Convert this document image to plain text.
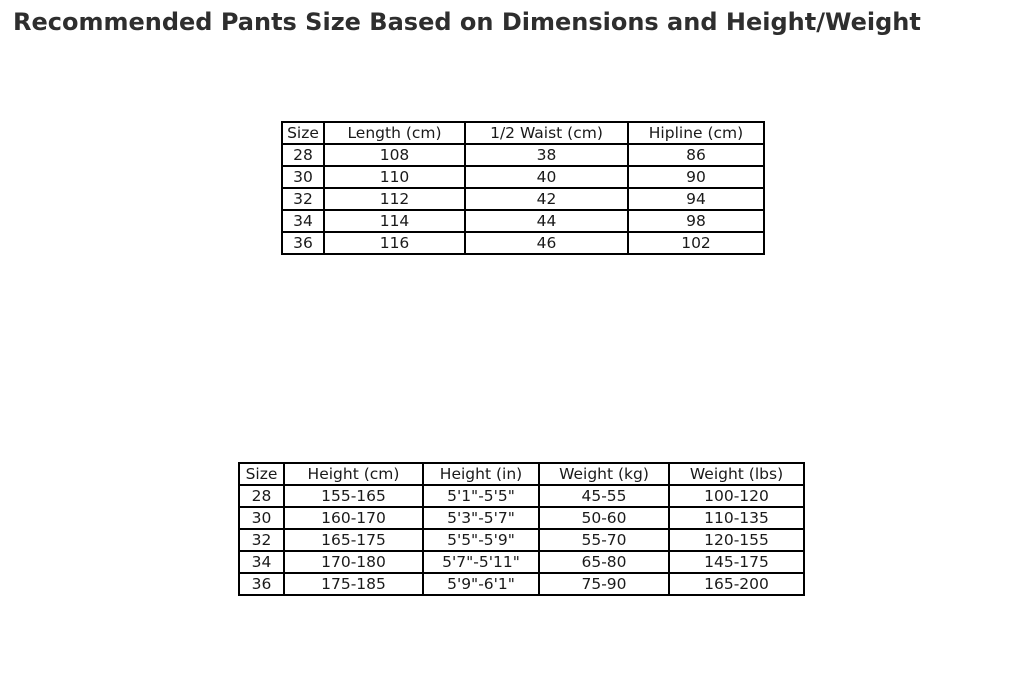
Recommended Pants Size Based on Dimensions and Height/Weight
Size	Length (cm)	1/2 Waist (cm)	Hipline (cm)
28	108	38	86
30	110	40	90
32	112	42	94
34	114	44	98
36	116	46	102
Size	Height (cm)	Height (in)	Weight (kg)	Weight (lbs)
28	155-165	5'1"-5'5"	45-55	100-120
30	160-170	5'3"-5'7"	50-60	110-135
32	165-175	5'5"-5'9"	55-70	120-155
34	170-180	5'7"-5'11"	65-80	145-175
36	175-185	5'9"-6'1"	75-90	165-200
